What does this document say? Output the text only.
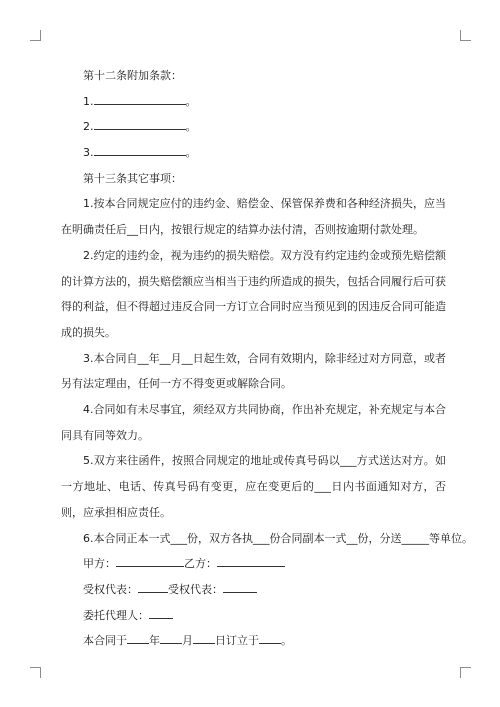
第十二条附加条款：
1.	。
2.	。
3.	。
第十三条其它事项：
1.按本合同规定应付的违约金、赔偿金、保管保养费和各种经济损失，应当在明确责任后__日内，按银行规定的结算办法付清，否则按逾期付款处理。
2.约定的违约金，视为违约的损失赔偿。双方没有约定违约金或预先赔偿额的计算方法的，损失赔偿额应当相当于违约所造成的损失，包括合同履行后可获得的利益，但不得超过违反合同一方订立合同时应当预见到的因违反合同可能造成的损失。
3.本合同自__年__月__日起生效，合同有效期内，除非经过对方同意，或者另有法定理由，任何一方不得变更或解除合同。
4.合同如有未尽事宜，须经双方共同协商，作出补充规定，补充规定与本合同具有同等效力。
5.双方来往函件，按照合同规定的地址或传真号码以___方式送达对方。如一方地址、电话、传真号码有变更，应在变更后的___日内书面通知对方，否则，应承担相应责任。
6.本合同正本一式___份，双方各执___份合同副本一式__份，分送_____等单位。
甲方：	乙方：
受权代表：	受权代表：
委托代理人：
本合同于 年 月 日订立于 。
